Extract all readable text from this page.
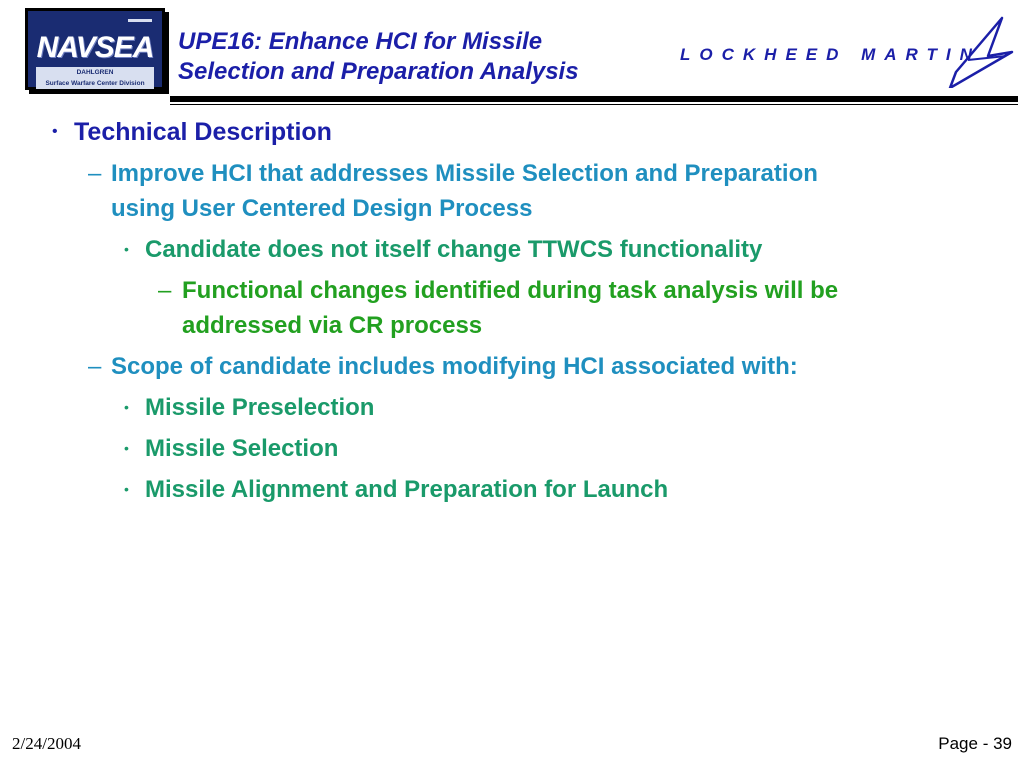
NAVSEA
DAHLGREN
Surface Warfare Center Division
UPE16: Enhance HCI for Missile
Selection and Preparation Analysis
LOCKHEED MARTIN
• Technical Description
– Improve HCI that addresses Missile Selection and Preparation
using User Centered Design Process
• Candidate does not itself change TTWCS functionality
– Functional changes identified during task analysis will be
addressed via CR process
– Scope of candidate includes modifying HCI associated with:
• Missile Preselection
• Missile Selection
• Missile Alignment and Preparation for Launch
2/24/2004	Page - 39
